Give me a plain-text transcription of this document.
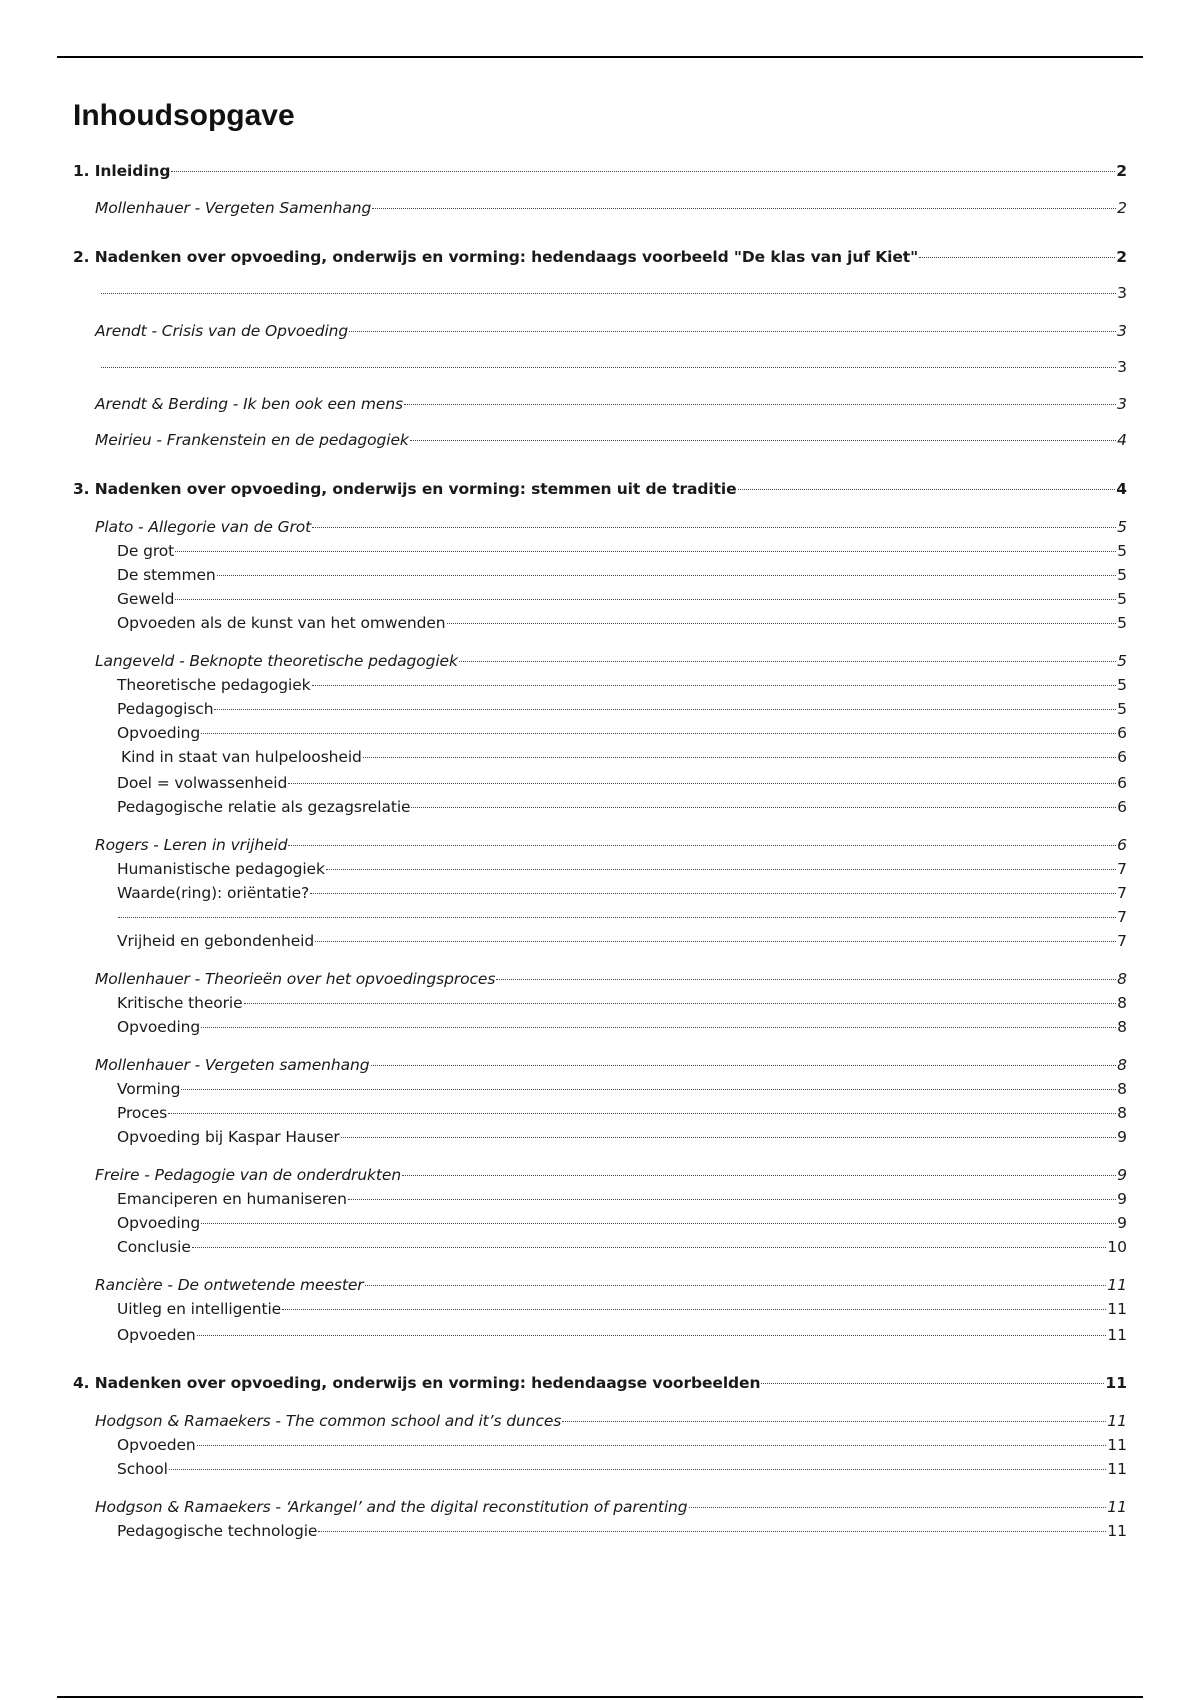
Inhoudsopgave
1. Inleiding	2
Mollenhauer - Vergeten Samenhang	2
2. Nadenken over opvoeding, onderwijs en vorming: hedendaags voorbeeld "De klas van juf Kiet"	2
3
Arendt - Crisis van de Opvoeding	3
3
Arendt & Berding - Ik ben ook een mens	3
Meirieu - Frankenstein en de pedagogiek	4
3. Nadenken over opvoeding, onderwijs en vorming: stemmen uit de traditie	4
Plato - Allegorie van de Grot	5
De grot	5
De stemmen	5
Geweld	5
Opvoeden als de kunst van het omwenden	5
Langeveld - Beknopte theoretische pedagogiek	5
Theoretische pedagogiek	5
Pedagogisch	5
Opvoeding	6
Kind in staat van hulpeloosheid	6
Doel = volwassenheid	6
Pedagogische relatie als gezagsrelatie	6
Rogers - Leren in vrijheid	6
Humanistische pedagogiek	7
Waarde(ring): oriëntatie?	7
7
Vrijheid en gebondenheid	7
Mollenhauer - Theorieën over het opvoedingsproces	8
Kritische theorie	8
Opvoeding	8
Mollenhauer - Vergeten samenhang	8
Vorming	8
Proces	8
Opvoeding bij Kaspar Hauser	9
Freire - Pedagogie van de onderdrukten	9
Emanciperen en humaniseren	9
Opvoeding	9
Conclusie	10
Rancière - De ontwetende meester	11
Uitleg en intelligentie	11
Opvoeden	11
4. Nadenken over opvoeding, onderwijs en vorming: hedendaagse voorbeelden	11
Hodgson & Ramaekers - The common school and it’s dunces	11
Opvoeden	11
School	11
Hodgson & Ramaekers - ‘Arkangel’ and the digital reconstitution of parenting	11
Pedagogische technologie	11
